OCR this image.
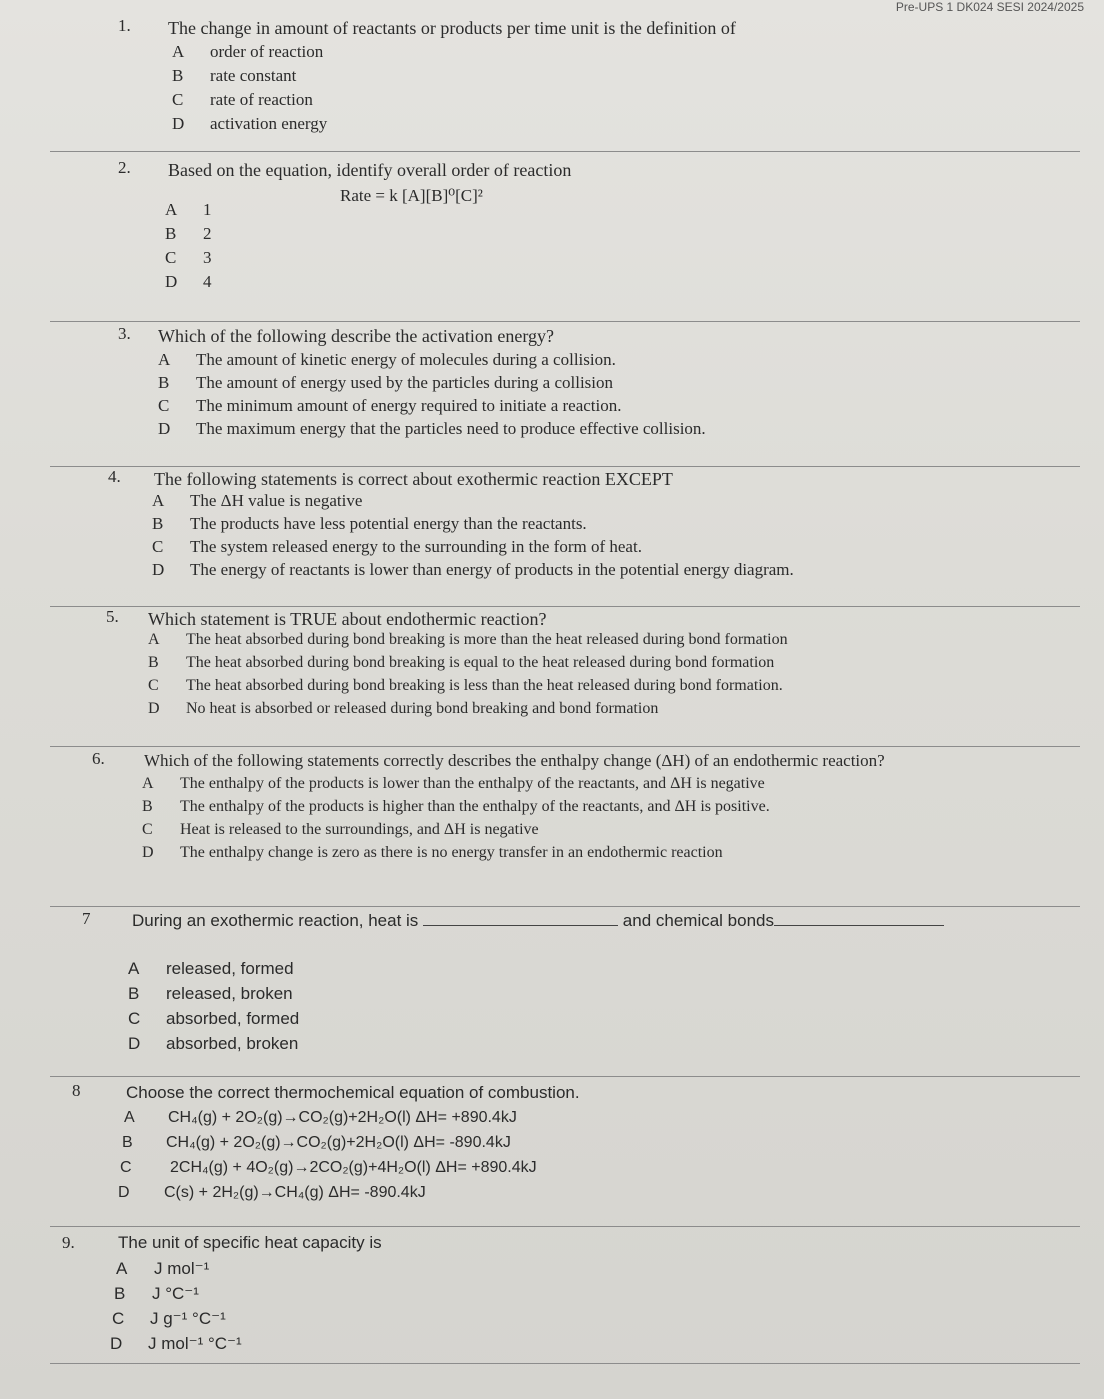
Pre-UPS 1 DK024 SESI 2024/2025
1. The change in amount of reactants or products per time unit is the definition of
A order of reaction
B rate constant
C rate of reaction
D activation energy
2. Based on the equation, identify overall order of reaction
Rate = k [A][B]⁰[C]²
A 1
B 2
C 3
D 4
3. Which of the following describe the activation energy?
A The amount of kinetic energy of molecules during a collision.
B The amount of energy used by the particles during a collision
C The minimum amount of energy required to initiate a reaction.
D The maximum energy that the particles need to produce effective collision.
4. The following statements is correct about exothermic reaction EXCEPT
A The ΔH value is negative
B The products have less potential energy than the reactants.
C The system released energy to the surrounding in the form of heat.
D The energy of reactants is lower than energy of products in the potential energy diagram.
5. Which statement is TRUE about endothermic reaction?
A The heat absorbed during bond breaking is more than the heat released during bond formation
B The heat absorbed during bond breaking is equal to the heat released during bond formation
C The heat absorbed during bond breaking is less than the heat released during bond formation.
D No heat is absorbed or released during bond breaking and bond formation
6. Which of the following statements correctly describes the enthalpy change (ΔH) of an endothermic reaction?
A The enthalpy of the products is lower than the enthalpy of the reactants, and ΔH is negative
B The enthalpy of the products is higher than the enthalpy of the reactants, and ΔH is positive.
C Heat is released to the surroundings, and ΔH is negative
D The enthalpy change is zero as there is no energy transfer in an endothermic reaction
7 During an exothermic reaction, heat is	and chemical bonds
A released, formed
B released, broken
C absorbed, formed
D absorbed, broken
8	Choose the correct thermochemical equation of combustion.
A CH₄(g) + 2O₂(g)→CO₂(g)+2H₂O(l) ΔH= +890.4kJ
B CH₄(g) + 2O₂(g)→CO₂(g)+2H₂O(l) ΔH= -890.4kJ
C 2CH₄(g) + 4O₂(g)→2CO₂(g)+4H₂O(l) ΔH= +890.4kJ
D C(s) + 2H₂(g)→CH₄(g) ΔH= -890.4kJ
9.	The unit of specific heat capacity is
A J mol⁻¹
B J °C⁻¹
C J g⁻¹ °C⁻¹
D J mol⁻¹ °C⁻¹
